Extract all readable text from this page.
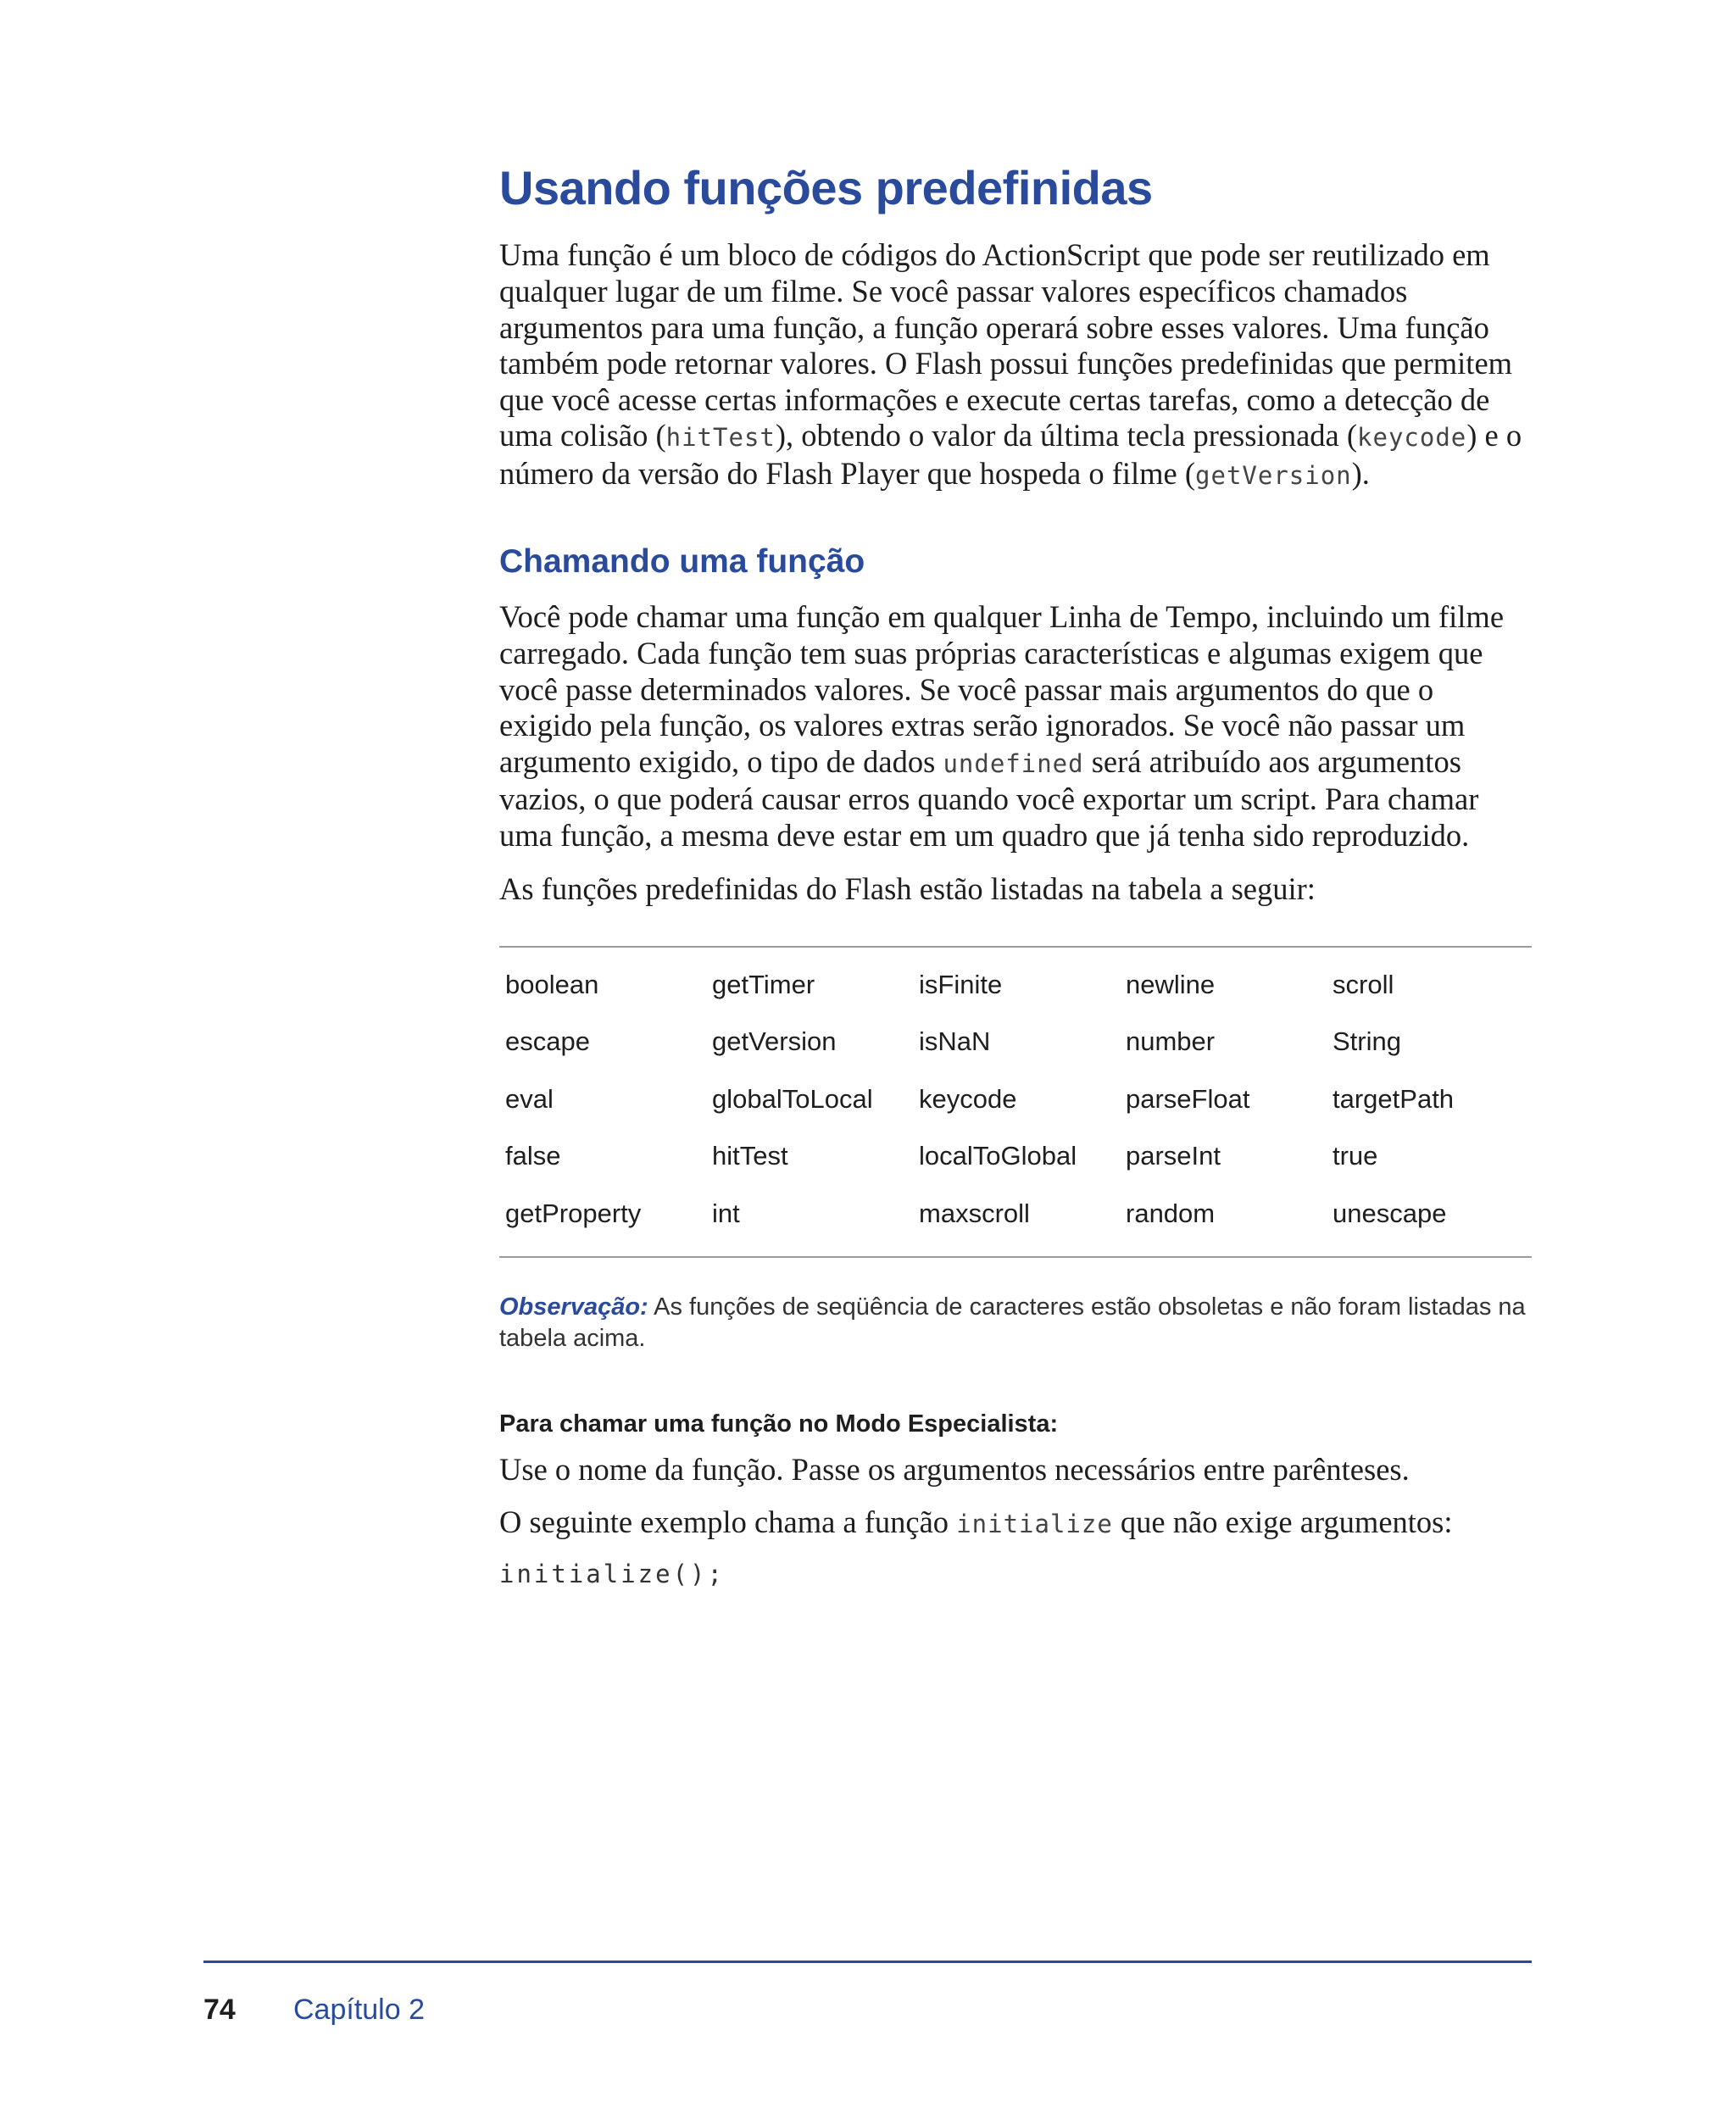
Usando funções predefinidas

Uma função é um bloco de códigos do ActionScript que pode ser reutilizado em qualquer lugar de um filme. Se você passar valores específicos chamados argumentos para uma função, a função operará sobre esses valores. Uma função também pode retornar valores. O Flash possui funções predefinidas que permitem que você acesse certas informações e execute certas tarefas, como a detecção de uma colisão (hitTest), obtendo o valor da última tecla pressionada (keycode) e o número da versão do Flash Player que hospeda o filme (getVersion).

Chamando uma função

Você pode chamar uma função em qualquer Linha de Tempo, incluindo um filme carregado. Cada função tem suas próprias características e algumas exigem que você passe determinados valores. Se você passar mais argumentos do que o exigido pela função, os valores extras serão ignorados. Se você não passar um argumento exigido, o tipo de dados undefined será atribuído aos argumentos vazios, o que poderá causar erros quando você exportar um script. Para chamar uma função, a mesma deve estar em um quadro que já tenha sido reproduzido.

As funções predefinidas do Flash estão listadas na tabela a seguir:

boolean	getTimer	isFinite	newline	scroll
escape	getVersion	isNaN	number	String
eval	globalToLocal	keycode	parseFloat	targetPath
false	hitTest	localToGlobal	parseInt	true
getProperty	int	maxscroll	random	unescape

Observação: As funções de seqüência de caracteres estão obsoletas e não foram listadas na tabela acima.

Para chamar uma função no Modo Especialista:

Use o nome da função. Passe os argumentos necessários entre parênteses.

O seguinte exemplo chama a função initialize que não exige argumentos:

initialize();
74 Capítulo 2
